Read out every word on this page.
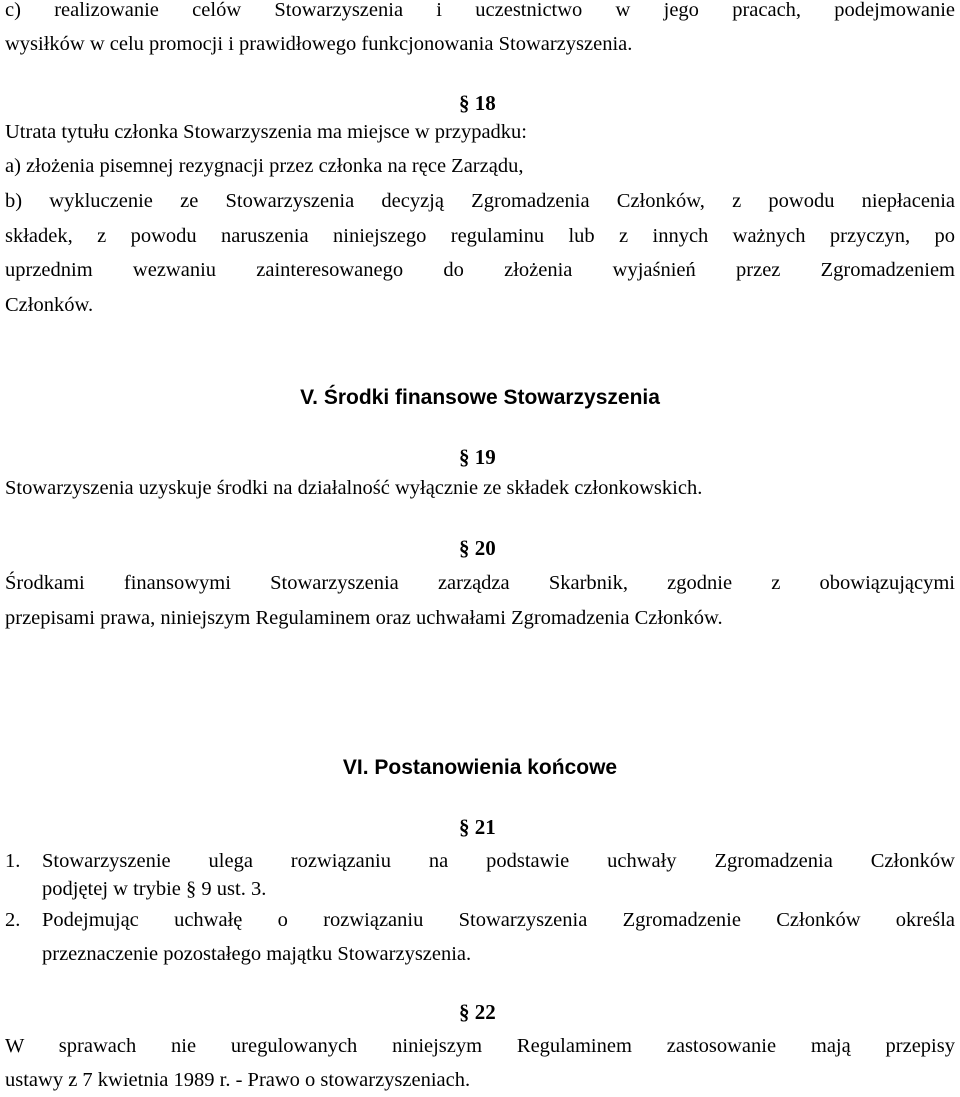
c) realizowanie celów Stowarzyszenia i uczestnictwo w jego pracach, podejmowanie
wysiłków w celu promocji i prawidłowego funkcjonowania Stowarzyszenia.
§ 18
Utrata tytułu członka Stowarzyszenia ma miejsce w przypadku:
a) złożenia pisemnej rezygnacji przez członka na ręce Zarządu,
b) wykluczenie ze Stowarzyszenia decyzją Zgromadzenia Członków, z powodu niepłacenia
składek, z powodu naruszenia niniejszego regulaminu lub z innych ważnych przyczyn, po
uprzednim wezwaniu zainteresowanego do złożenia wyjaśnień przez Zgromadzeniem
Członków.
V. Środki finansowe Stowarzyszenia
§ 19
Stowarzyszenia uzyskuje środki na działalność wyłącznie ze składek członkowskich.
§ 20
Środkami finansowymi Stowarzyszenia zarządza Skarbnik, zgodnie z obowiązującymi
przepisami prawa, niniejszym Regulaminem oraz uchwałami Zgromadzenia Członków.
VI. Postanowienia końcowe
§ 21
1.	Stowarzyszenie ulega rozwiązaniu na podstawie uchwały Zgromadzenia Członków
podjętej w trybie § 9 ust. 3.
2.	Podejmując uchwałę o rozwiązaniu Stowarzyszenia Zgromadzenie Członków określa
przeznaczenie pozostałego majątku Stowarzyszenia.
§ 22
W sprawach nie uregulowanych niniejszym Regulaminem zastosowanie mają przepisy
ustawy z 7 kwietnia 1989 r. - Prawo o stowarzyszeniach.
